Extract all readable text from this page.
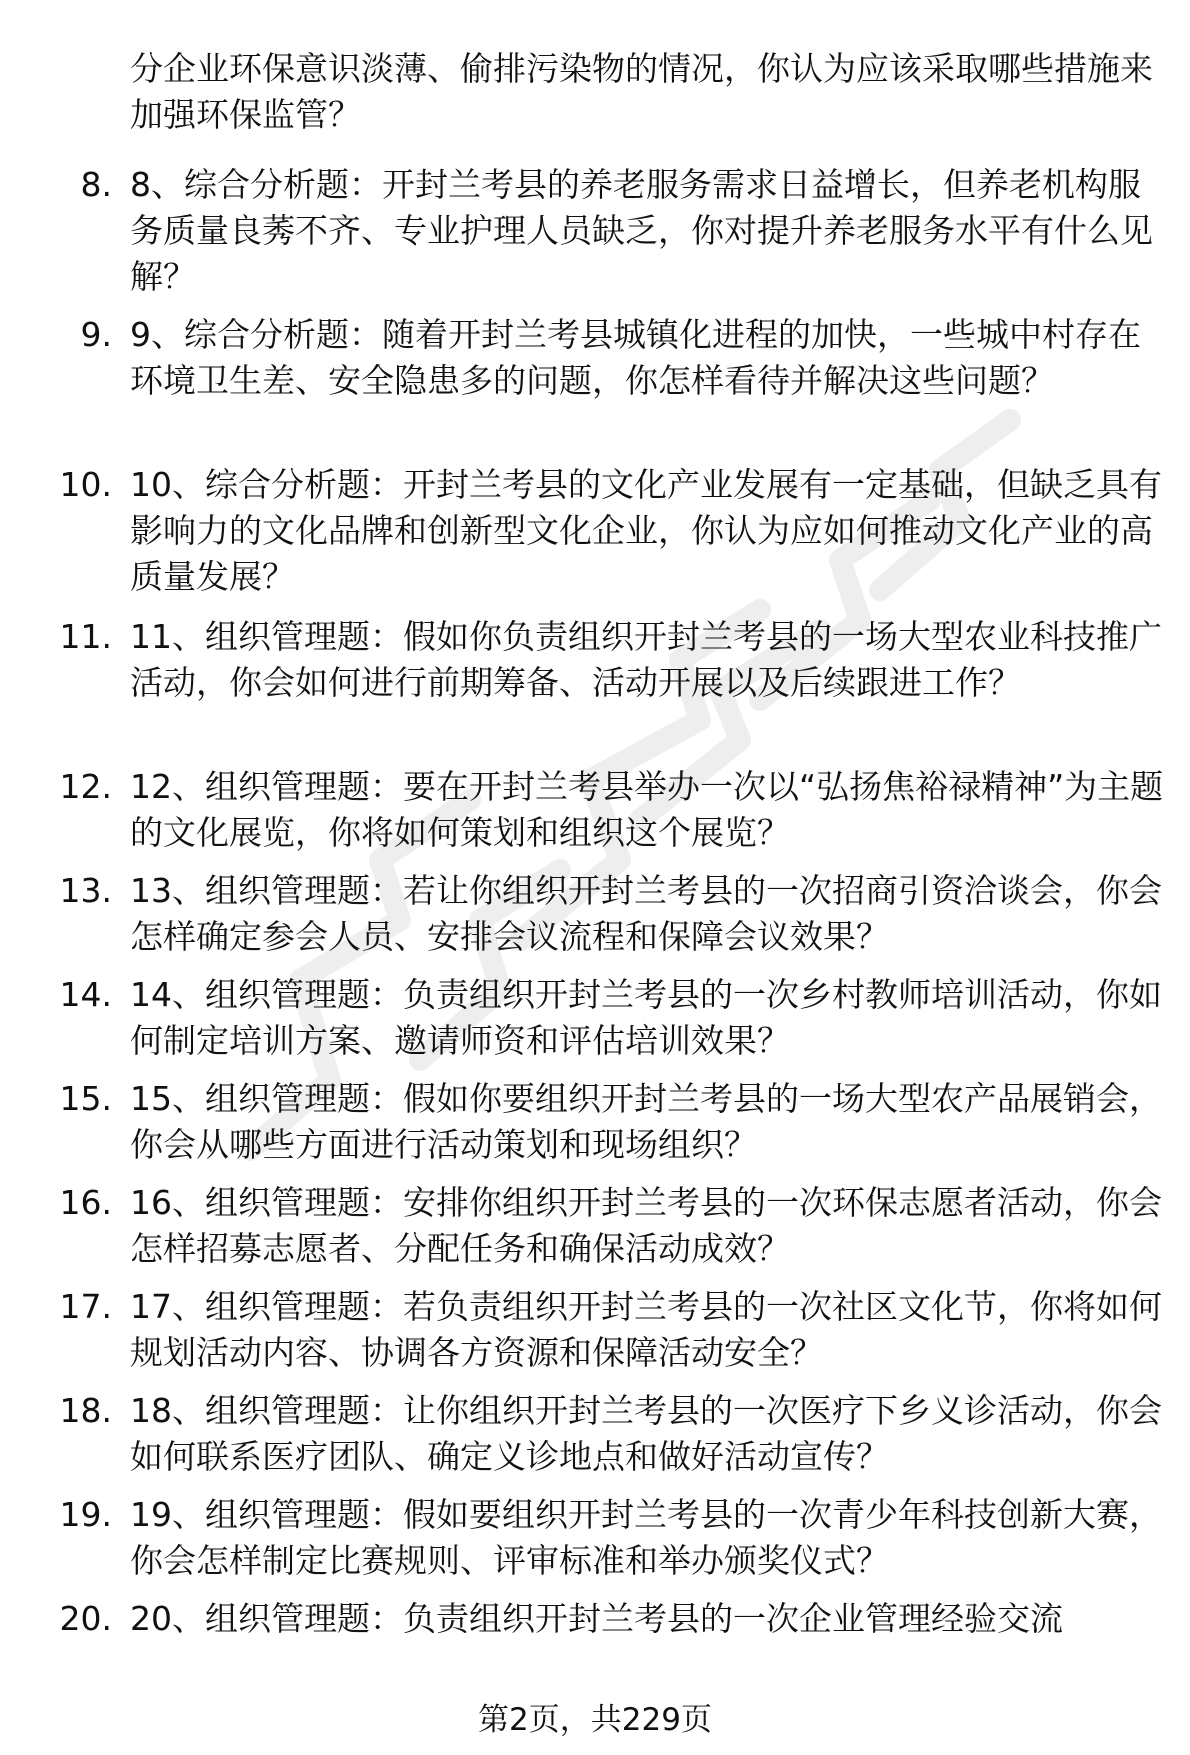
分企业环保意识淡薄、偷排污染物的情况，你认为应该采取哪些措施来加强环保监管？
8. 8、综合分析题：开封兰考县的养老服务需求日益增长，但养老机构服务质量良莠不齐、专业护理人员缺乏，你对提升养老服务水平有什么见解？
9. 9、综合分析题：随着开封兰考县城镇化进程的加快，一些城中村存在环境卫生差、安全隐患多的问题，你怎样看待并解决这些问题？
10. 10、综合分析题：开封兰考县的文化产业发展有一定基础，但缺乏具有影响力的文化品牌和创新型文化企业，你认为应如何推动文化产业的高质量发展？
11. 11、组织管理题：假如你负责组织开封兰考县的一场大型农业科技推广活动，你会如何进行前期筹备、活动开展以及后续跟进工作？
12. 12、组织管理题：要在开封兰考县举办一次以“弘扬焦裕禄精神”为主题的文化展览，你将如何策划和组织这个展览？
13. 13、组织管理题：若让你组织开封兰考县的一次招商引资洽谈会，你会怎样确定参会人员、安排会议流程和保障会议效果？
14. 14、组织管理题：负责组织开封兰考县的一次乡村教师培训活动，你如何制定培训方案、邀请师资和评估培训效果？
15. 15、组织管理题：假如你要组织开封兰考县的一场大型农产品展销会，你会从哪些方面进行活动策划和现场组织？
16. 16、组织管理题：安排你组织开封兰考县的一次环保志愿者活动，你会怎样招募志愿者、分配任务和确保活动成效？
17. 17、组织管理题：若负责组织开封兰考县的一次社区文化节，你将如何规划活动内容、协调各方资源和保障活动安全？
18. 18、组织管理题：让你组织开封兰考县的一次医疗下乡义诊活动，你会如何联系医疗团队、确定义诊地点和做好活动宣传？
19. 19、组织管理题：假如要组织开封兰考县的一次青少年科技创新大赛，你会怎样制定比赛规则、评审标准和举办颁奖仪式？
20. 20、组织管理题：负责组织开封兰考县的一次企业管理经验交流
第2页，共229页
